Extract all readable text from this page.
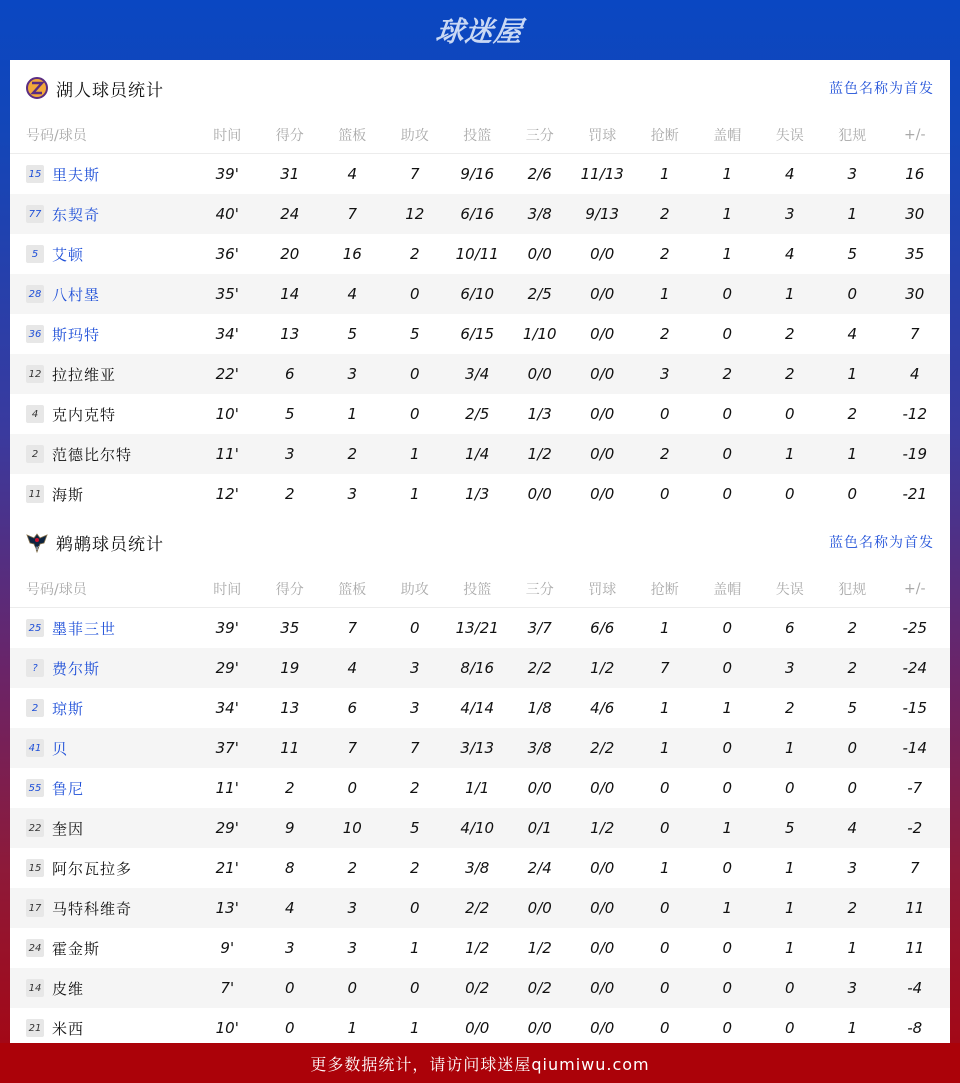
球迷屋
湖人球员统计	蓝色名称为首发
号码/球员	时间	得分	篮板	助攻	投篮	三分	罚球	抢断	盖帽	失误	犯规	+/-
15 里夫斯	39'	31	4	7	9/16	2/6	11/13	1	1	4	3	16
77 东契奇	40'	24	7	12	6/16	3/8	9/13	2	1	3	1	30
5 艾顿	36'	20	16	2	10/11	0/0	0/0	2	1	4	5	35
28 八村塁	35'	14	4	0	6/10	2/5	0/0	1	0	1	0	30
36 斯玛特	34'	13	5	5	6/15	1/10	0/0	2	0	2	4	7
12 拉拉维亚	22'	6	3	0	3/4	0/0	0/0	3	2	2	1	4
4 克内克特	10'	5	1	0	2/5	1/3	0/0	0	0	0	2	-12
2 范德比尔特	11'	3	2	1	1/4	1/2	0/0	2	0	1	1	-19
11 海斯	12'	2	3	1	1/3	0/0	0/0	0	0	0	0	-21
NO 鹈鹕球员统计	蓝色名称为首发
号码/球员	时间	得分	篮板	助攻	投篮	三分	罚球	抢断	盖帽	失误	犯规	+/-
25 墨菲三世	39'	35	7	0	13/21	3/7	6/6	1	0	6	2	-25
? 费尔斯	29'	19	4	3	8/16	2/2	1/2	7	0	3	2	-24
2 琼斯	34'	13	6	3	4/14	1/8	4/6	1	1	2	5	-15
41 贝	37'	11	7	7	3/13	3/8	2/2	1	0	1	0	-14
55 鲁尼	11'	2	0	2	1/1	0/0	0/0	0	0	0	0	-7
22 奎因	29'	9	10	5	4/10	0/1	1/2	0	1	5	4	-2
15 阿尔瓦拉多	21'	8	2	2	3/8	2/4	0/0	1	0	1	3	7
17 马特科维奇	13'	4	3	0	2/2	0/0	0/0	0	1	1	2	11
24 霍金斯	9'	3	3	1	1/2	1/2	0/0	0	0	1	1	11
14 皮维	7'	0	0	0	0/2	0/2	0/0	0	0	0	3	-4
21 米西	10'	0	1	1	0/0	0/0	0/0	0	0	0	1	-8
更多数据统计，请访问球迷屋qiumiwu.com
